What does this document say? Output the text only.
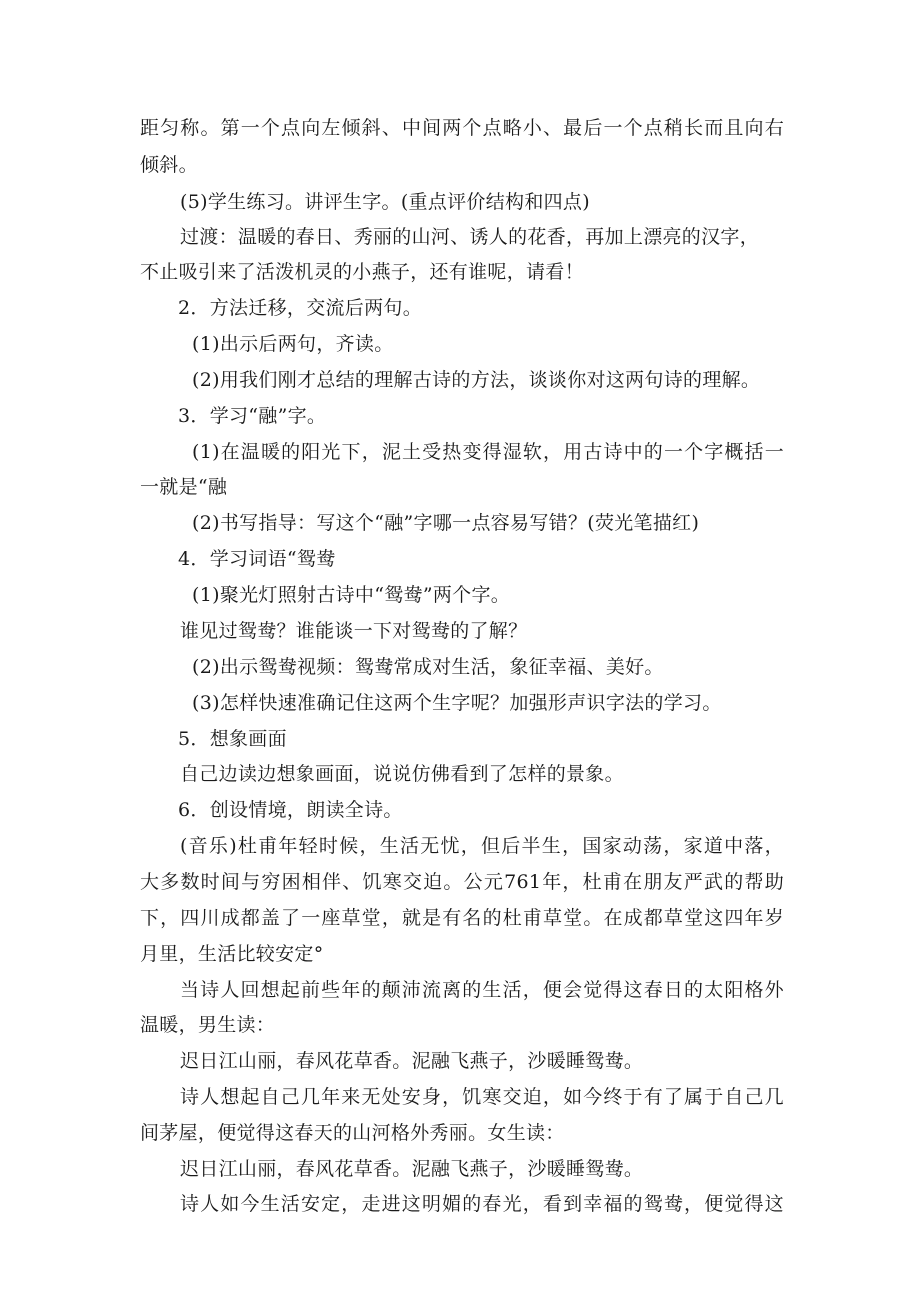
距匀称。第一个点向左倾斜、中间两个点略小、最后一个点稍长而且向右

倾斜。

(5)学生练习。讲评生字。(重点评价结构和四点)

过渡：温暖的春日、秀丽的山河、诱人的花香，再加上漂亮的汉字，

不止吸引来了活泼机灵的小燕子，还有谁呢，请看！

2．方法迁移，交流后两句。

(1)出示后两句，齐读。

(2)用我们刚才总结的理解古诗的方法，谈谈你对这两句诗的理解。

3．学习“融”字。

(1)在温暖的阳光下，泥土受热变得湿软，用古诗中的一个字概括一

一就是“融

(2)书写指导：写这个“融”字哪一点容易写错？(荧光笔描红)

4．学习词语“鸳鸯

(1)聚光灯照射古诗中“鸳鸯”两个字。

谁见过鸳鸯？谁能谈一下对鸳鸯的了解？

(2)出示鸳鸯视频：鸳鸯常成对生活，象征幸福、美好。

(3)怎样快速准确记住这两个生字呢？加强形声识字法的学习。

5．想象画面

自己边读边想象画面，说说仿佛看到了怎样的景象。

6．创设情境，朗读全诗。

(音乐)杜甫年轻时候，生活无忧，但后半生，国家动荡，家道中落，

大多数时间与穷困相伴、饥寒交迫。公元761年，杜甫在朋友严武的帮助

下，四川成都盖了一座草堂，就是有名的杜甫草堂。在成都草堂这四年岁

月里，生活比较安定°

当诗人回想起前些年的颠沛流离的生活，便会觉得这春日的太阳格外

温暖，男生读：

迟日江山丽，春风花草香。泥融飞燕子，沙暖睡鸳鸯。

诗人想起自己几年来无处安身，饥寒交迫，如今终于有了属于自己几

间茅屋，便觉得这春天的山河格外秀丽。女生读：

迟日江山丽，春风花草香。泥融飞燕子，沙暖睡鸳鸯。

诗人如今生活安定，走进这明媚的春光，看到幸福的鸳鸯，便觉得这
